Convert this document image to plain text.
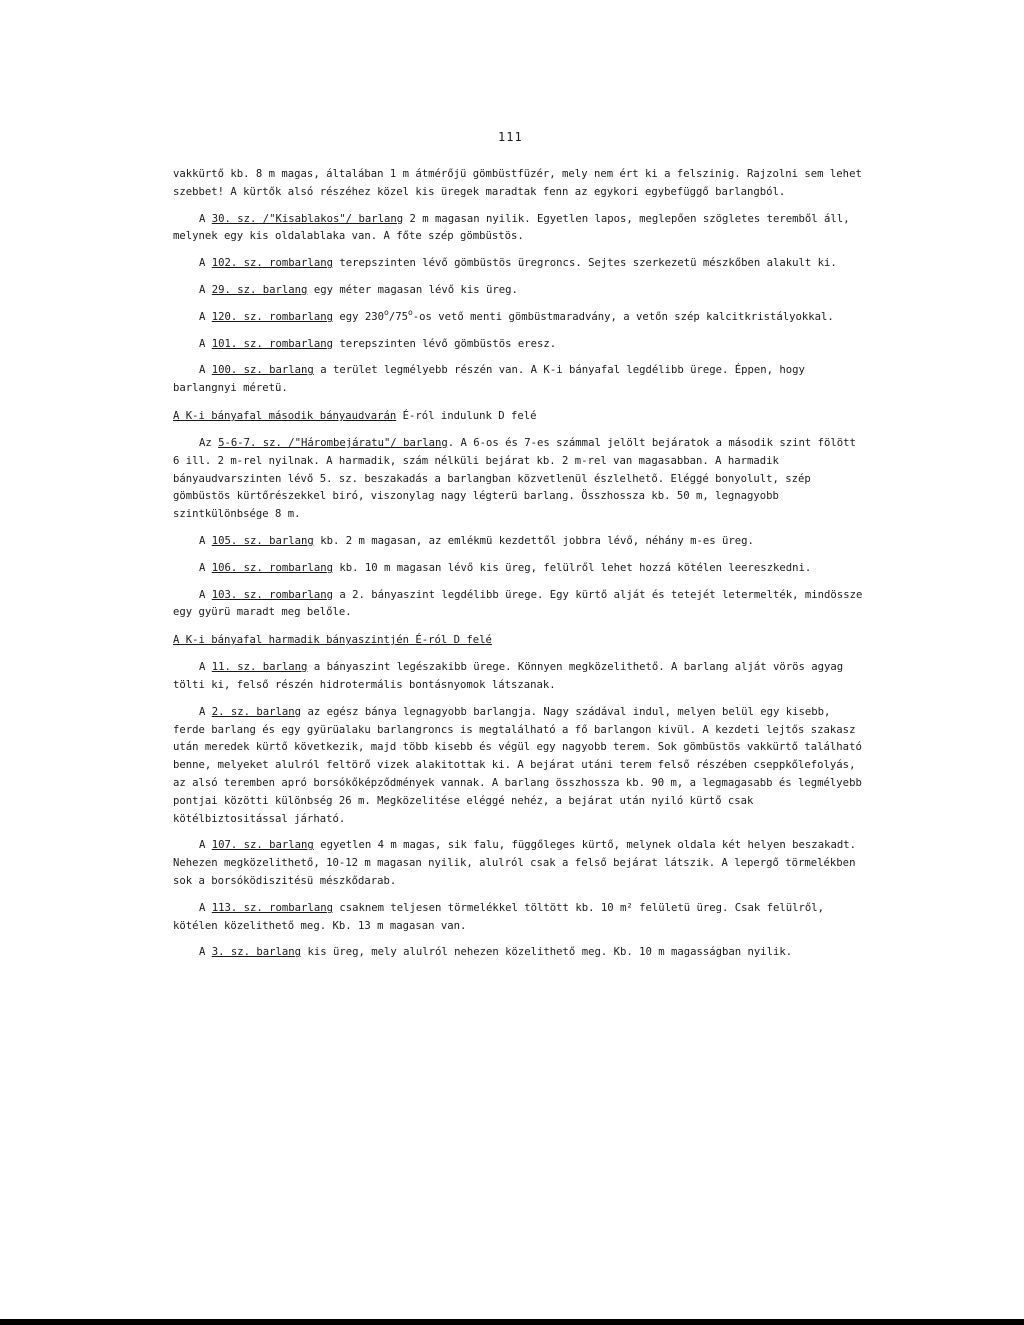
111

vakkürtő kb. 8 m magas, általában 1 m átmérőjü gömbüstfüzér, mely nem ért ki a felszinig. Rajzolni sem lehet szebbet! A kürtők alsó részéhez közel kis üregek maradtak fenn az egykori egybefüggő barlangból.

A 30. sz. /"Kisablakos"/ barlang 2 m magasan nyilik. Egyetlen lapos, meglepően szögletes teremből áll, melynek egy kis oldalablaka van. A főte szép gömbüstös.

A 102. sz. rombarlang terepszinten lévő gömbüstös üregroncs. Sejtes szerkezetü mészkőben alakult ki.

A 29. sz. barlang egy méter magasan lévő kis üreg.

A 120. sz. rombarlang egy 230$^o$/75$^o$-os vető menti gömbüstmaradvány, a vetőn szép kalcitkristályokkal.

A 101. sz. rombarlang terepszinten lévő gömbüstös eresz.

A 100. sz. barlang a terület legmélyebb részén van. A K-i bányafal legdélibb ürege. Éppen, hogy barlangnyi méretü.

A K-i bányafal második bányaudvarán É-ról indulunk D felé

Az 5-6-7. sz. /"Hárombejáratu"/ barlang. A 6-os és 7-es számmal jelölt bejáratok a második szint fölött 6 ill. 2 m-rel nyilnak. A harmadik, szám nélküli bejárat kb. 2 m-rel van magasabban. A harmadik bányaudvarszinten lévő 5. sz. beszakadás a barlangban közvetlenül észlelhető. Eléggé bonyolult, szép gömbüstös kürtőrészekkel biró, viszonylag nagy légterü barlang. Összhossza kb. 50 m, legnagyobb szintkülönbsége 8 m.

A 105. sz. barlang kb. 2 m magasan, az emlékmü kezdettől jobbra lévő, néhány m-es üreg.

A 106. sz. rombarlang kb. 10 m magasan lévő kis üreg, felülről lehet hozzá kötélen leereszkedni.

A 103. sz. rombarlang a 2. bányaszint legdélibb ürege. Egy kürtő alját és tetejét letermelték, mindössze egy gyürü maradt meg belőle.

A K-i bányafal harmadik bányaszintjén É-ról D felé

A 11. sz. barlang a bányaszint legészakibb ürege. Könnyen megközelithető. A barlang alját vörös agyag tölti ki, felső részén hidrotermális bontásnyomok látszanak.

A 2. sz. barlang az egész bánya legnagyobb barlangja. Nagy szádával indul, melyen belül egy kisebb, ferde barlang és egy gyürüalaku barlangroncs is megtalálható a fő barlangon kivül. A kezdeti lejtős szakasz után meredek kürtő következik, majd több kisebb és végül egy nagyobb terem. Sok gömbüstös vakkürtő található benne, melyeket alulról feltörő vizek alakitottak ki. A bejárat utáni terem felső részében cseppkőlefolyás, az alsó teremben apró borsókőképződmények vannak. A barlang összhossza kb. 90 m, a legmagasabb és legmélyebb pontjai közötti különbség 26 m. Megközelitése eléggé nehéz, a bejárat után nyiló kürtő csak kötélbiztositással járható.

A 107. sz. barlang egyetlen 4 m magas, sik falu, függőleges kürtő, melynek oldala két helyen beszakadt. Nehezen megközelithető, 10-12 m magasan nyilik, alulról csak a felső bejárat látszik. A lepergő törmelékben sok a borsóködiszitésü mészkődarab.

A 113. sz. rombarlang csaknem teljesen törmelékkel töltött kb. 10 m² felületü üreg. Csak felülről, kötélen közelithető meg. Kb. 13 m magasan van.

A 3. sz. barlang kis üreg, mely alulról nehezen közelithető meg. Kb. 10 m magasságban nyilik.
